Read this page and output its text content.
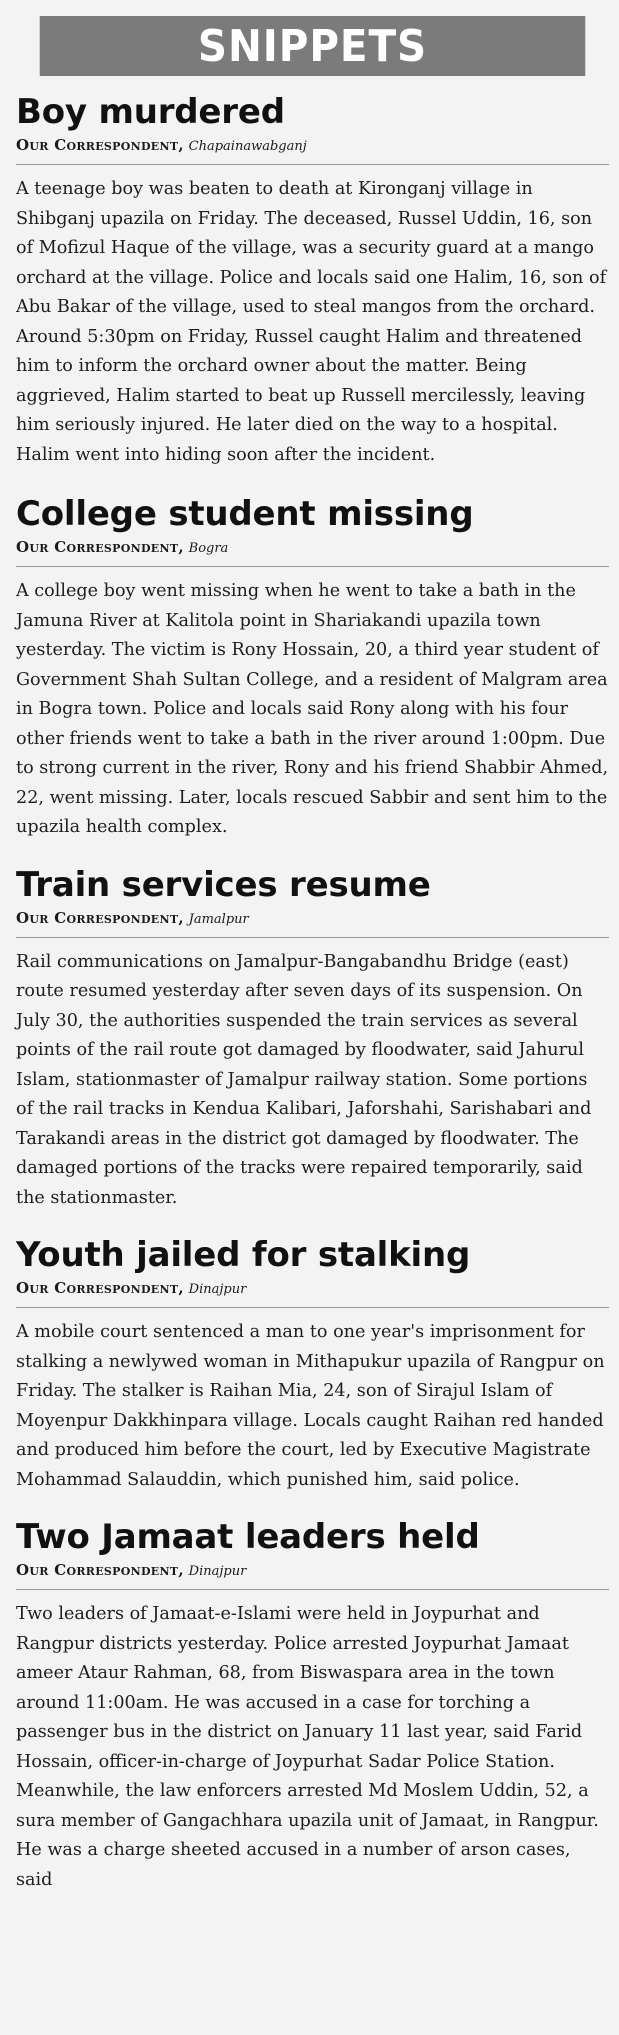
SNIPPETS
Boy murdered
Our Correspondent, Chapainawabganj

A teenage boy was beaten to death at Kironganj village in Shibganj upazila on Friday. The deceased, Russel Uddin, 16, son of Mofizul Haque of the village, was a security guard at a mango orchard at the village. Police and locals said one Halim, 16, son of Abu Bakar of the village, used to steal mangos from the orchard. Around 5:30pm on Friday, Russel caught Halim and threatened him to inform the orchard owner about the matter. Being aggrieved, Halim started to beat up Russell mercilessly, leaving him seriously injured. He later died on the way to a hospital. Halim went into hiding soon after the incident.

College student missing
Our Correspondent, Bogra

A college boy went missing when he went to take a bath in the Jamuna River at Kalitola point in Shariakandi upazila town yesterday. The victim is Rony Hossain, 20, a third year student of Government Shah Sultan College, and a resident of Malgram area in Bogra town. Police and locals said Rony along with his four other friends went to take a bath in the river around 1:00pm. Due to strong current in the river, Rony and his friend Shabbir Ahmed, 22, went missing. Later, locals rescued Sabbir and sent him to the upazila health complex.

Train services resume
Our Correspondent, Jamalpur

Rail communications on Jamalpur-Bangabandhu Bridge (east) route resumed yesterday after seven days of its suspension. On July 30, the authorities suspended the train services as several points of the rail route got damaged by floodwater, said Jahurul Islam, stationmaster of Jamalpur railway station. Some portions of the rail tracks in Kendua Kalibari, Jaforshahi, Sarishabari and Tarakandi areas in the district got damaged by floodwater. The damaged portions of the tracks were repaired temporarily, said the stationmaster.

Youth jailed for stalking
Our Correspondent, Dinajpur

A mobile court sentenced a man to one year's imprisonment for stalking a newlywed woman in Mithapukur upazila of Rangpur on Friday. The stalker is Raihan Mia, 24, son of Sirajul Islam of Moyenpur Dakkhinpara village. Locals caught Raihan red handed and produced him before the court, led by Executive Magistrate Mohammad Salauddin, which punished him, said police.

Two Jamaat leaders held
Our Correspondent, Dinajpur

Two leaders of Jamaat-e-Islami were held in Joypurhat and Rangpur districts yesterday. Police arrested Joypurhat Jamaat ameer Ataur Rahman, 68, from Biswaspara area in the town around 11:00am. He was accused in a case for torching a passenger bus in the district on January 11 last year, said Farid Hossain, officer-in-charge of Joypurhat Sadar Police Station. Meanwhile, the law enforcers arrested Md Moslem Uddin, 52, a sura member of Gangachhara upazila unit of Jamaat, in Rangpur. He was a charge sheeted accused in a number of arson cases, said
